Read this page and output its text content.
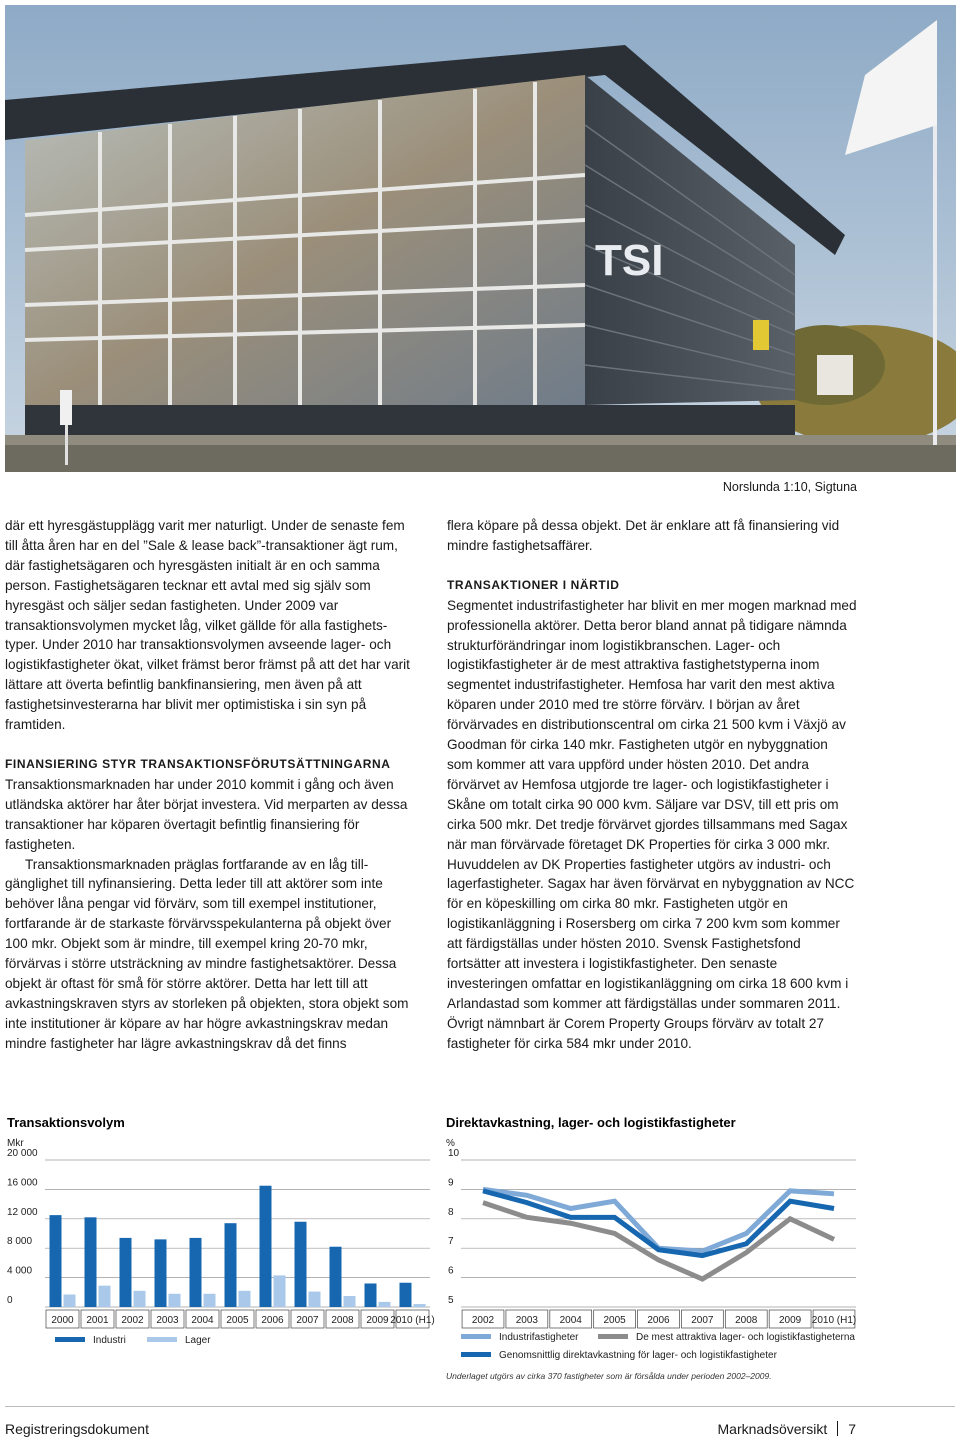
TSI
Norslunda 1:10, Sigtuna

där ett hyresgästupplägg varit mer naturligt. Under de senaste fem till åtta åren har en del ”Sale & lease back”-transaktioner ägt rum, där fastighetsägaren och hyresgästen initialt är en och samma person. Fastighetsägaren tecknar ett avtal med sig själv som hyresgäst och säljer sedan fastigheten. Under 2009 var transaktionsvolymen mycket låg, vilket gällde för alla fastighetstyper. Under 2010 har transaktionsvolymen avseende lager- och logistikfastigheter ökat, vilket främst beror främst på att det har varit lättare att överta befintlig bankfinansiering, men även på att fastighetsinvesterarna har blivit mer optimistiska i sin syn på framtiden.

FINANSIERING STYR TRANSAKTIONSFÖRUTSÄTTNINGARNA

Transaktionsmarknaden har under 2010 kommit i gång och även utländska aktörer har åter börjat investera. Vid merparten av dessa transaktioner har köparen övertagit befintlig finansiering för fastigheten.

Transaktionsmarknaden präglas fortfarande av en låg tillgänglighet till nyfinansiering. Detta leder till att aktörer som inte behöver låna pengar vid förvärv, som till exempel institutioner, fortfarande är de starkaste förvärvsspekulanterna på objekt över 100 mkr. Objekt som är mindre, till exempel kring 20-70 mkr, förvärvas i större utsträckning av mindre fastighetsaktörer. Dessa objekt är oftast för små för större aktörer. Detta har lett till att avkastningskraven styrs av storleken på objekten, stora objekt som inte institutioner är köpare av har högre avkastningskrav medan mindre fastigheter har lägre avkastningskrav då det finns

flera köpare på dessa objekt. Det är enklare att få finansiering vid mindre fastighetsaffärer.

TRANSAKTIONER I NÄRTID

Segmentet industrifastigheter har blivit en mer mogen marknad med professionella aktörer. Detta beror bland annat på tidigare nämnda strukturförändringar inom logistikbranschen. Lager- och logistikfastigheter är de mest attraktiva fastighetstyperna inom segmentet industrifastigheter. Hemfosa har varit den mest aktiva köparen under 2010 med tre större förvärv. I början av året förvärvades en distributionscentral om cirka 21 500 kvm i Växjö av Goodman för cirka 140 mkr. Fastigheten utgör en nybyggnation som kommer att vara uppförd under hösten 2010. Det andra förvärvet av Hemfosa utgjorde tre lager- och logistikfastigheter i Skåne om totalt cirka 90 000 kvm. Säljare var DSV, till ett pris om cirka 500 mkr. Det tredje förvärvet gjordes tillsammans med Sagax när man förvärvade företaget DK Properties för cirka 3 000 mkr. Huvuddelen av DK Properties fastigheter utgörs av industri- och lagerfastigheter. Sagax har även förvärvat en nybyggnation av NCC för en köpeskilling om cirka 80 mkr. Fastigheten utgör en logistikanläggning i Rosersberg om cirka 7 200 kvm som kommer att färdigställas under hösten 2010. Svensk Fastighetsfond fortsätter att investera i logistikfastigheter. Den senaste investeringen omfattar en logistikanläggning om cirka 18 600 kvm i Arlandastad som kommer att färdigställas under sommaren 2011. Övrigt nämnbart är Corem Property Groups förvärv av totalt 27 fastigheter för cirka 584 mkr under 2010.

Transaktionsvolym
Mkr
0
4 000
8 000
12 000
16 000
20 000
2000 2001 2002 2003 2004 2005 2006 2007 2008 2009 2010 (H1)
Industri	Lager
Direktavkastning, lager- och logistikfastigheter
%
5
6
7
8
9
10
2002 2003 2004 2005 2006 2007 2008 2009 2010 (H1)
Industrifastigheter	De mest attraktiva lager- och logistikfastigheterna
Genomsnittlig direktavkastning för lager- och logistikfastigheter
Underlaget utgörs av cirka 370 fastigheter som är försålda under perioden 2002–2009.
Registreringsdokument	Marknadsöversikt 7
